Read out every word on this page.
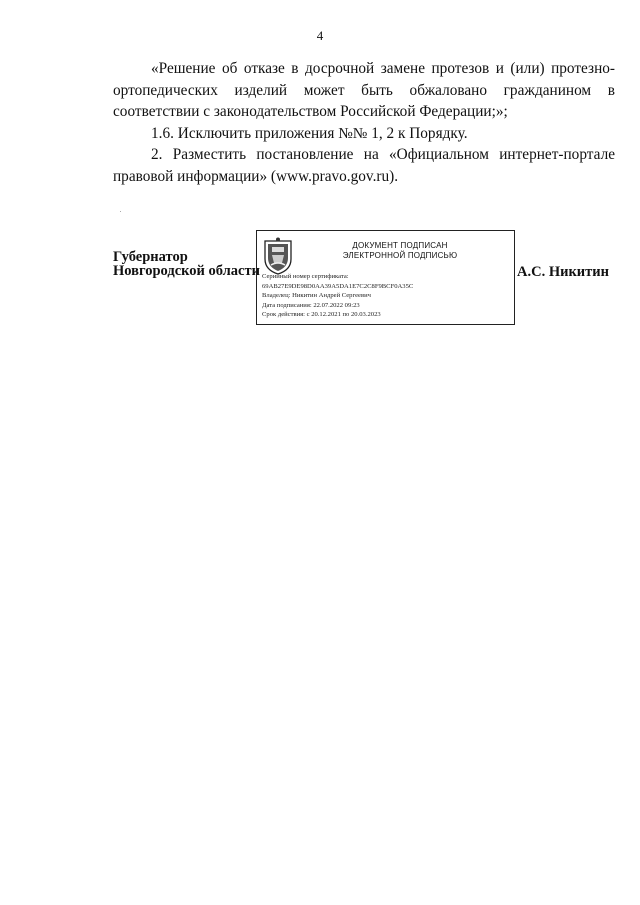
4

«Решение об отказе в досрочной замене протезов и (или) протезно-ортопедических изделий может быть обжаловано гражданином в соответствии с законодательством Российской Федерации;»;

1.6. Исключить приложения №№ 1, 2 к Порядку.

2. Разместить постановление на «Официальном интернет-портале правовой информации» (www.pravo.gov.ru).

Губернатор
Новгородской области
ДОКУМЕНТ ПОДПИСАН
ЭЛЕКТРОННОЙ ПОДПИСЬЮ
Серийный номер сертификата:
69AB27E9DE98D0AA39A5DA1E7C2C8F9BCF0A35C
Владелец: Никитин Андрей Сергеевич
Дата подписания: 22.07.2022 09:23
Срок действия: с 20.12.2021 по 20.03.2023
А.С. Никитин
